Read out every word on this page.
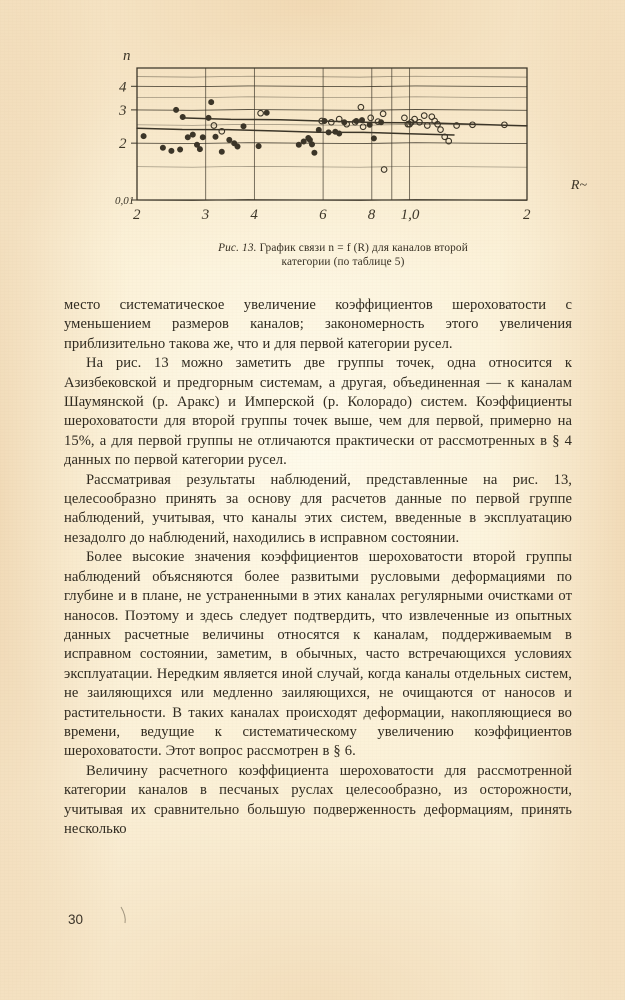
4
3
2
0,01
2	3	4	6	8 1,0	2
n
R~
Рис. 13. График связи n = f (R) для каналов второй
категории (по таблице 5)

место систематическое увеличение коэффициентов шероховатости с уменьшением размеров каналов; закономерность этого увеличения приблизительно такова же, что и для первой категории русел.

На рис. 13 можно заметить две группы точек, одна относится к Азизбековской и предгорным системам, а другая, объединенная — к каналам Шаумянской (р. Аракс) и Имперской (р. Колорадо) систем. Коэффициенты шероховатости для второй группы точек выше, чем для первой, примерно на 15%, а для первой группы не отличаются практически от рассмотренных в § 4 данных по первой категории русел.

Рассматривая результаты наблюдений, представленные на рис. 13, целесообразно принять за основу для расчетов данные по первой группе наблюдений, учитывая, что каналы этих систем, введенные в эксплуатацию незадолго до наблюдений, находились в исправном состоянии.

Более высокие значения коэффициентов шероховатости второй группы наблюдений объясняются более развитыми русловыми деформациями по глубине и в плане, не устраненными в этих каналах регулярными очистками от наносов. Поэтому и здесь следует подтвердить, что извлеченные из опытных данных расчетные величины относятся к каналам, поддерживаемым в исправном состоянии, заметим, в обычных, часто встречающихся условиях эксплуатации. Нередким является иной случай, когда каналы отдельных систем, не заиляющихся или медленно заиляющихся, не очищаются от наносов и растительности. В таких каналах происходят деформации, накопляющиеся во времени, ведущие к систематическому увеличению коэффициентов шероховатости. Этот вопрос рассмотрен в § 6.

Величину расчетного коэффициента шероховатости для рассмотренной категории каналов в песчаных руслах целесообразно, из осторожности, учитывая их сравнительно большую подверженность деформациям, принять несколько

30
